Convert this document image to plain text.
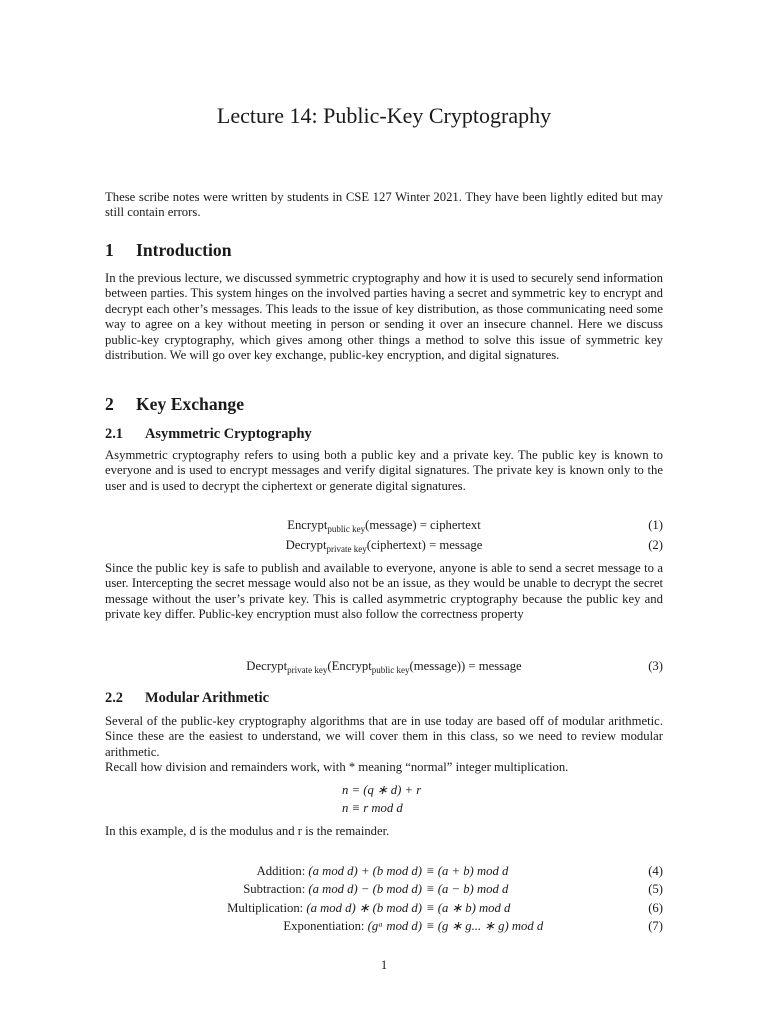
Lecture 14: Public-Key Cryptography

These scribe notes were written by students in CSE 127 Winter 2021. They have been lightly edited but may still contain errors.

1 Introduction

In the previous lecture, we discussed symmetric cryptography and how it is used to securely send information between parties. This system hinges on the involved parties having a secret and symmetric key to encrypt and decrypt each other’s messages. This leads to the issue of key distribution, as those communicating need some way to agree on a key without meeting in person or sending it over an insecure channel. Here we discuss public-key cryptography, which gives among other things a method to solve this issue of symmetric key distribution. We will go over key exchange, public-key encryption, and digital signatures.

2 Key Exchange

2.1 Asymmetric Cryptography

Asymmetric cryptography refers to using both a public key and a private key. The public key is known to everyone and is used to encrypt messages and verify digital signatures. The private key is known only to the user and is used to decrypt the ciphertext or generate digital signatures.

Encrypt$_{public key}$(message) = ciphertext	(1)
Decrypt$_{private key}$(ciphertext) = message	(2)

Since the public key is safe to publish and available to everyone, anyone is able to send a secret message to a user. Intercepting the secret message would also not be an issue, as they would be unable to decrypt the secret message without the user’s private key. This is called asymmetric cryptography because the public key and private key differ. Public-key encryption must also follow the correctness property

Decrypt$_{private key}$(Encrypt$_{public key}$(message)) = message	(3)

2.2 Modular Arithmetic

Several of the public-key cryptography algorithms that are in use today are based off of modular arithmetic. Since these are the easiest to understand, we will cover them in this class, so we need to review modular arithmetic.

Recall how division and remainders work, with * meaning “normal” integer multiplication.

n = (q ∗ d) + r
n ≡ r mod d

In this example, d is the modulus and r is the remainder.

Addition: (a mod d) + (b mod d) ≡ (a + b) mod d	(4)
Subtraction: (a mod d) − (b mod d) ≡ (a − b) mod d	(5)
Multiplication: (a mod d) ∗ (b mod d) ≡ (a ∗ b) mod d	(6)
Exponentiation: (gᵃ mod d) ≡ (g ∗ g... ∗ g) mod d	(7)
1
